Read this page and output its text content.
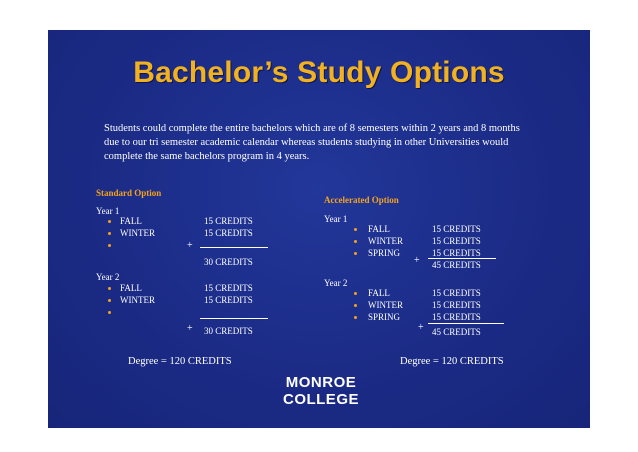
Bachelor’s Study Options
Students could complete the entire bachelors which are of 8 semesters within 2 years and 8 months due to our tri semester academic calendar whereas students studying in other Universities would complete the same bachelors program in 4 years.
Standard Option
Year 1
FALL	15 CREDITS
WINTER	15 CREDITS
+
30 CREDITS
Year 2
FALL	15 CREDITS
WINTER	15 CREDITS
+ 30 CREDITS
Degree = 120 CREDITS
Accelerated Option
Year 1
FALL	15 CREDITS
WINTER	15 CREDITS
SPRING	15 CREDITS
+ 45 CREDITS
Year 2
FALL	15 CREDITS
WINTER	15 CREDITS
SPRING	15 CREDITS
+ 45 CREDITS
Degree = 120 CREDITS
MONROE
COLLEGE
